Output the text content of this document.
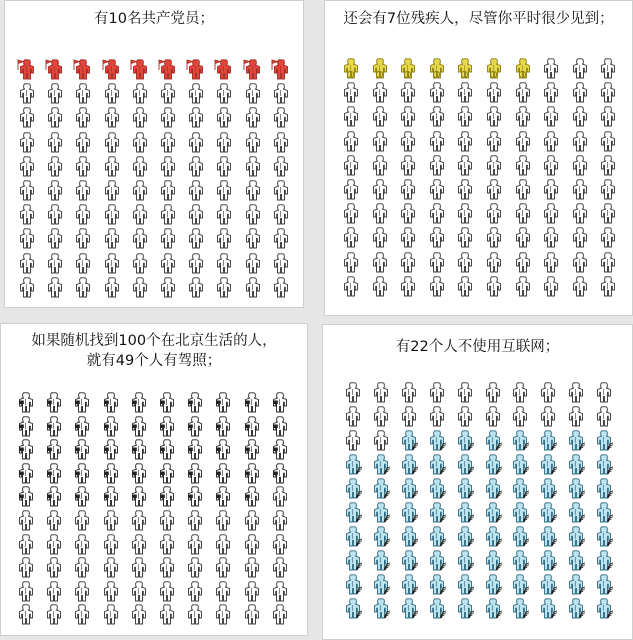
有10名共产党员；	还会有7位残疾人，尽管你平时很少见到；
如果随机找到100个在北京生活的人，
就有49个人有驾照；
有22个人不使用互联网；
